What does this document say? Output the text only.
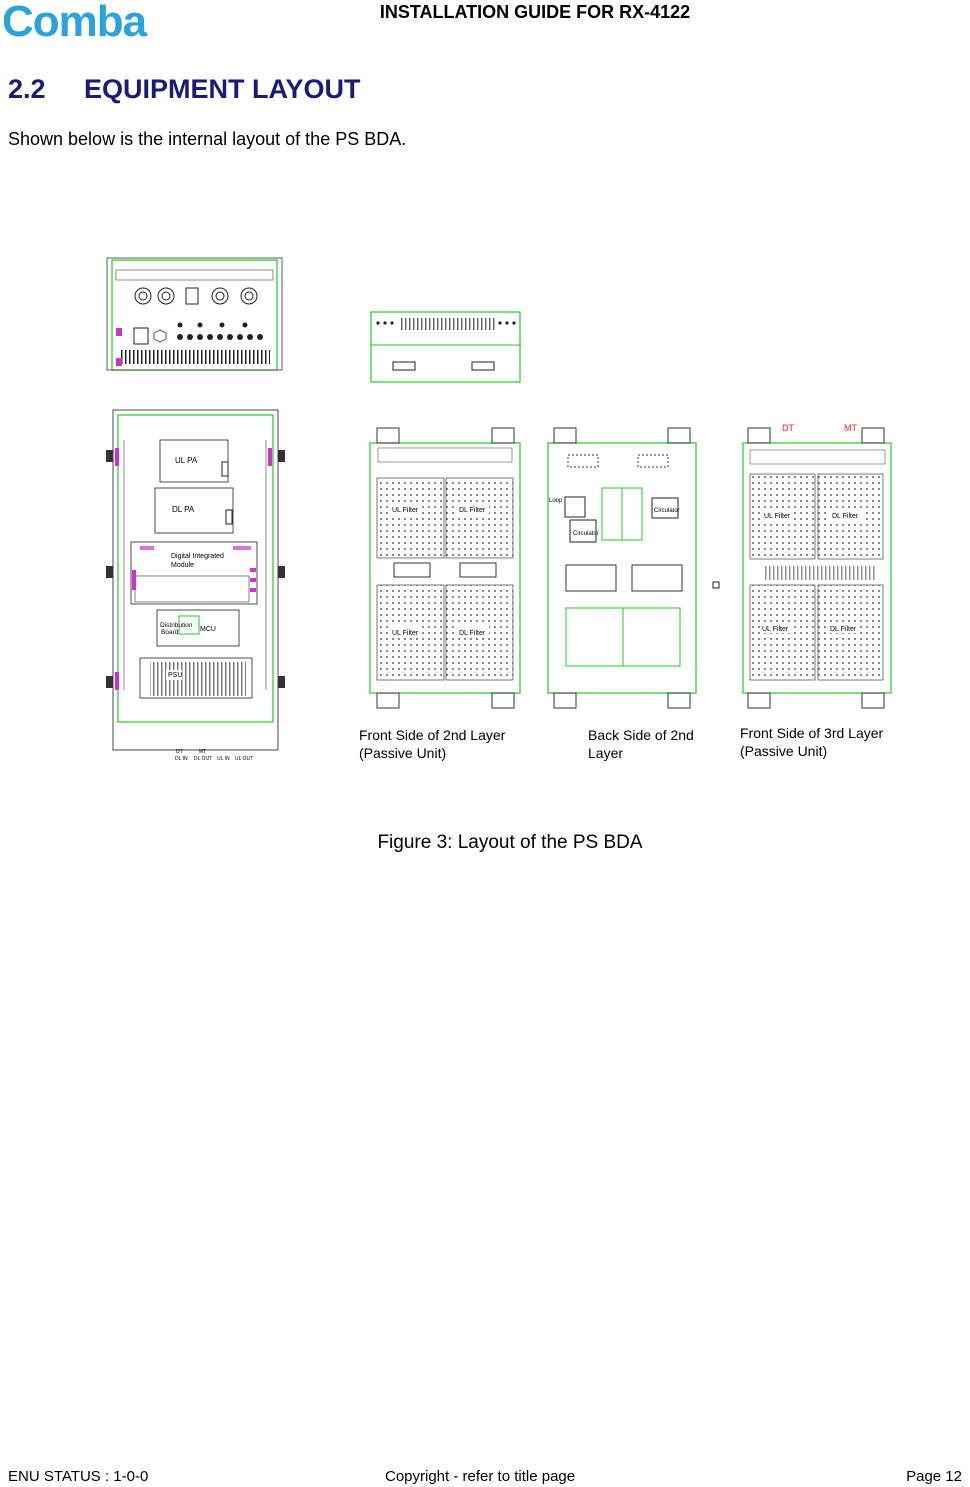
Comba	INSTALLATION GUIDE FOR RX-4122
2.2 EQUIPMENT LAYOUT
Shown below is the internal layout of the PS BDA.
UL PA
DL PA
Digital Integrated
Module
Distribution
Board	MCU
PSU
DT	MT
DL IN DL OUT UL IN UL OUT
UL Filter	DL Filter
UL Filter	DL Filter
Loop
Circulator
Circulator
DT	MT
UL Filter	DL Filter
UL Filter	DL Filter
Front Side of 2nd Layer
(Passive Unit)
Back Side of 2nd
Layer
Front Side of 3rd Layer
(Passive Unit)
Figure 3: Layout of the PS BDA
ENU STATUS : 1-0-0	Copyright - refer to title page	Page 12
